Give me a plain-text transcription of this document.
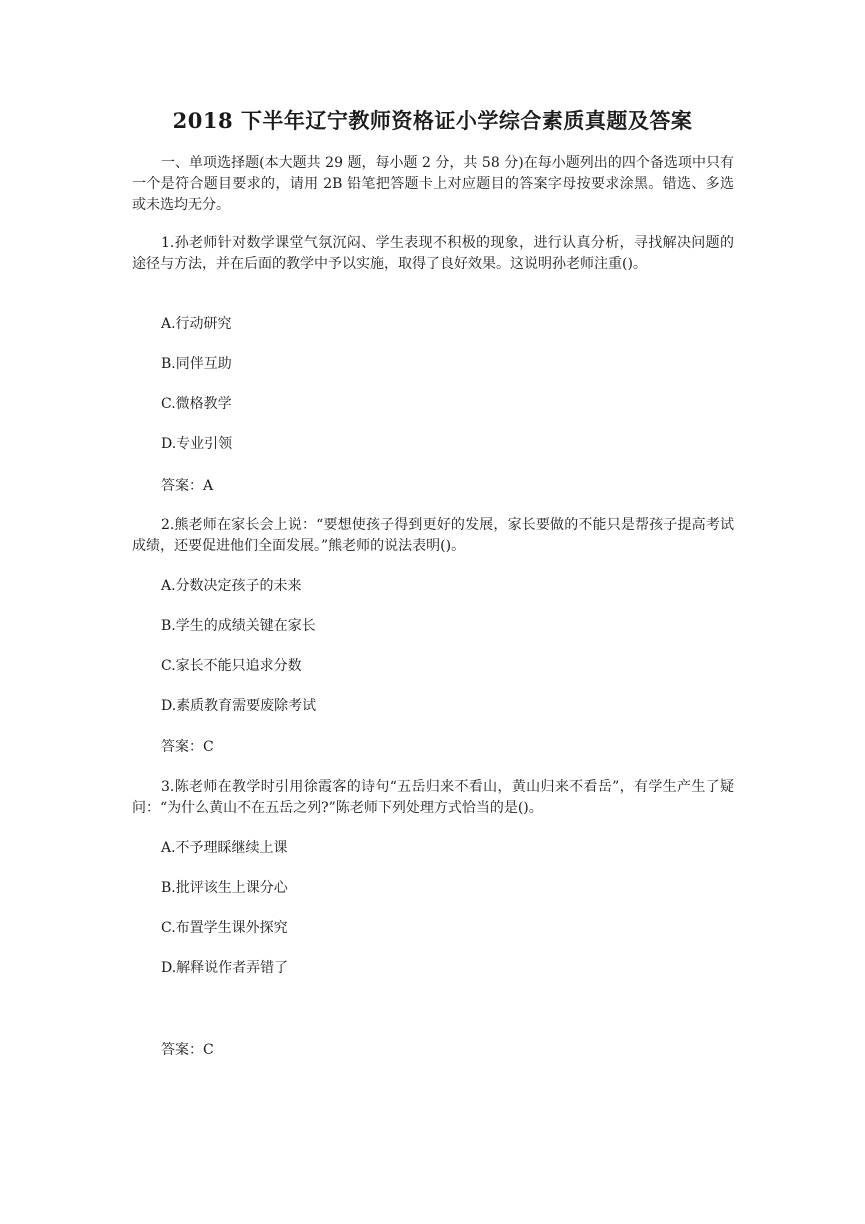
2018 下半年辽宁教师资格证小学综合素质真题及答案

一、单项选择题(本大题共 29 题，每小题 2 分，共 58 分)在每小题列出的四个备选项中只有一个是符合题目要求的，请用 2B 铅笔把答题卡上对应题目的答案字母按要求涂黑。错选、多选或未选均无分。

1.孙老师针对数学课堂气氛沉闷、学生表现不积极的现象，进行认真分析，寻找解决问题的途径与方法，并在后面的教学中予以实施，取得了良好效果。这说明孙老师注重()。

A.行动研究

B.同伴互助

C.微格教学

D.专业引领

答案：A

2.熊老师在家长会上说：“要想使孩子得到更好的发展，家长要做的不能只是帮孩子提高考试成绩，还要促进他们全面发展。”熊老师的说法表明()。

A.分数决定孩子的未来

B.学生的成绩关键在家长

C.家长不能只追求分数

D.素质教育需要废除考试

答案：C

3.陈老师在教学时引用徐霞客的诗句“五岳归来不看山，黄山归来不看岳”，有学生产生了疑问：“为什么黄山不在五岳之列?”陈老师下列处理方式恰当的是()。

A.不予理睬继续上课

B.批评该生上课分心

C.布置学生课外探究

D.解释说作者弄错了

答案：C
